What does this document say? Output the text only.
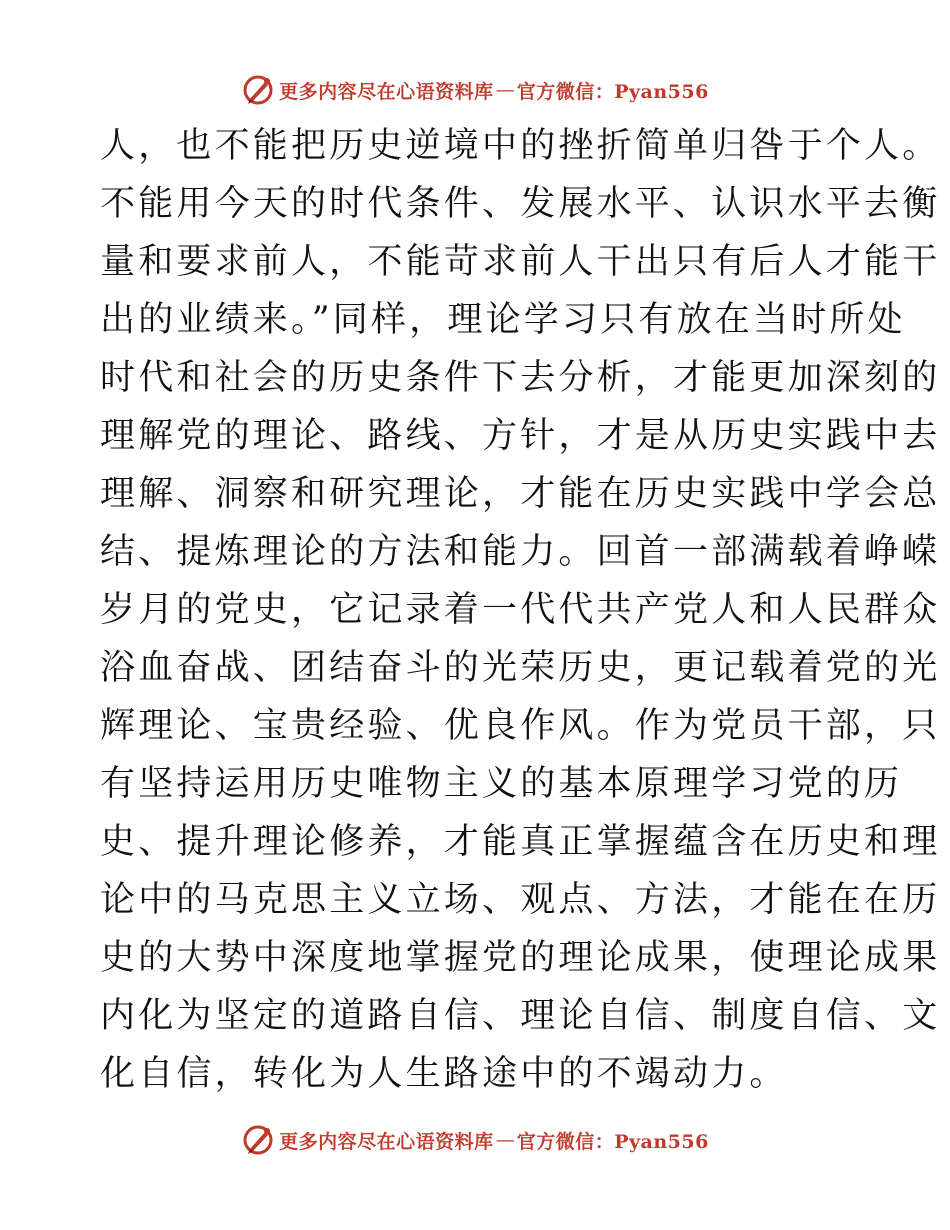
更多内容尽在心语资料库 — 官方微信：Pyan556
人，也不能把历史逆境中的挫折简单归咎于个人。
不能用今天的时代条件、发展水平、认识水平去衡
量和要求前人，不能苛求前人干出只有后人才能干
出的业绩来。”同样，理论学习只有放在当时所处
时代和社会的历史条件下去分析，才能更加深刻的
理解党的理论、路线、方针，才是从历史实践中去
理解、洞察和研究理论，才能在历史实践中学会总
结、提炼理论的方法和能力。回首一部满载着峥嵘
岁月的党史，它记录着一代代共产党人和人民群众
浴血奋战、团结奋斗的光荣历史，更记载着党的光
辉理论、宝贵经验、优良作风。作为党员干部，只
有坚持运用历史唯物主义的基本原理学习党的历
史、提升理论修养，才能真正掌握蕴含在历史和理
论中的马克思主义立场、观点、方法，才能在在历
史的大势中深度地掌握党的理论成果，使理论成果
内化为坚定的道路自信、理论自信、制度自信、文
化自信，转化为人生路途中的不竭动力。
更多内容尽在心语资料库 — 官方微信：Pyan556
